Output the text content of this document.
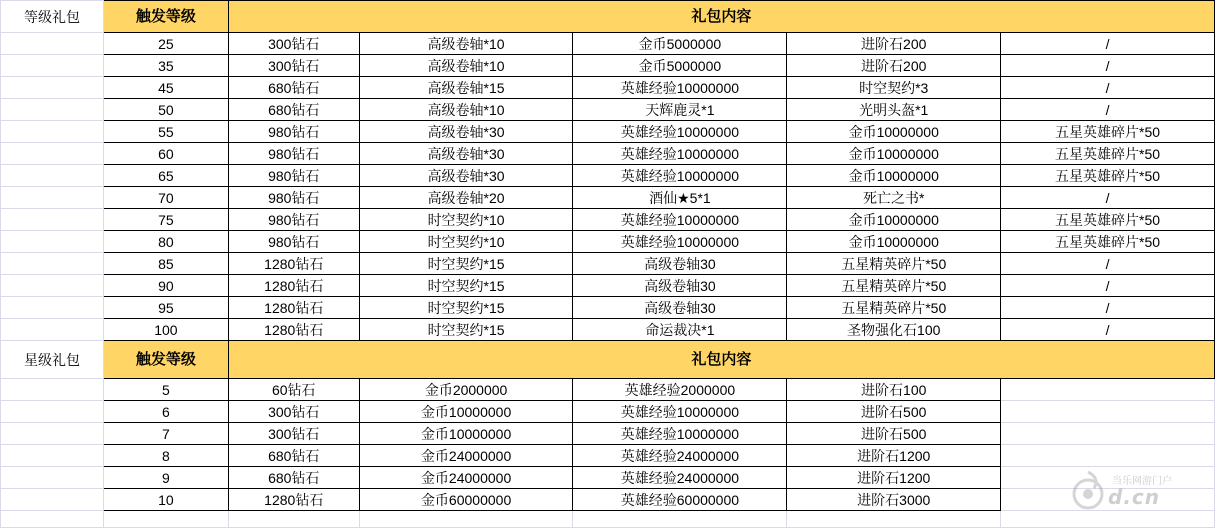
等级礼包	触发等级	礼包内容				
	25	300钻石	高级卷轴*10	金币5000000	进阶石200	/
	35	300钻石	高级卷轴*10	金币5000000	进阶石200	/
	45	680钻石	高级卷轴*15	英雄经验10000000	时空契约*3	/
	50	680钻石	高级卷轴*10	天辉鹿灵*1	光明头盔*1	/
	55	980钻石	高级卷轴*30	英雄经验10000000	金币10000000	五星英雄碎片*50
	60	980钻石	高级卷轴*30	英雄经验10000000	金币10000000	五星英雄碎片*50
	65	980钻石	高级卷轴*30	英雄经验10000000	金币10000000	五星英雄碎片*50
	70	980钻石	高级卷轴*20	酒仙★5*1	死亡之书*	/
	75	980钻石	时空契约*10	英雄经验10000000	金币10000000	五星英雄碎片*50
	80	980钻石	时空契约*10	英雄经验10000000	金币10000000	五星英雄碎片*50
	85	1280钻石	时空契约*15	高级卷轴30	五星精英碎片*50	/
	90	1280钻石	时空契约*15	高级卷轴30	五星精英碎片*50	/
	95	1280钻石	时空契约*15	高级卷轴30	五星精英碎片*50	/
	100	1280钻石	时空契约*15	命运裁决*1	圣物强化石100	/
星级礼包	触发等级	礼包内容				
	5	60钻石	金币2000000	英雄经验2000000	进阶石100	
	6	300钻石	金币10000000	英雄经验10000000	进阶石500	
	7	300钻石	金币10000000	英雄经验10000000	进阶石500	
	8	680钻石	金币24000000	英雄经验24000000	进阶石1200	
	9	680钻石	金币24000000	英雄经验24000000	进阶石1200	
	10	1280钻石	金币60000000	英雄经验60000000	进阶石3000	

当乐网游门户
d.cn
